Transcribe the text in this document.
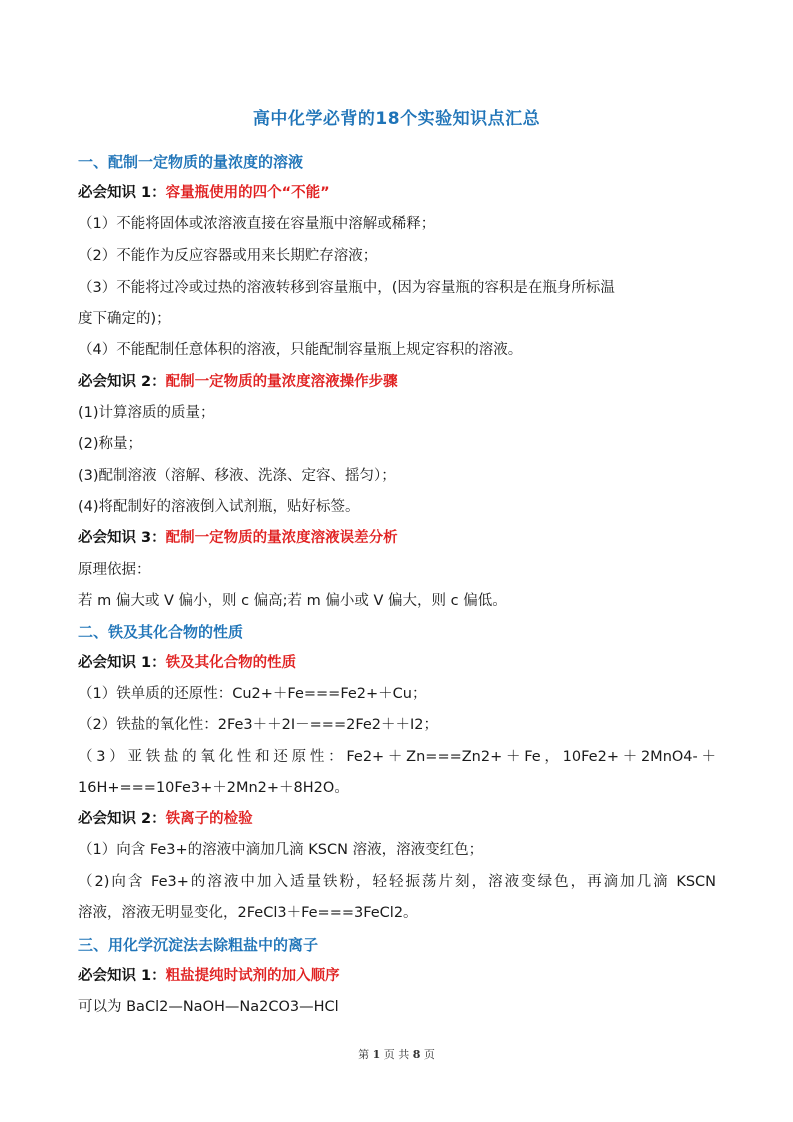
高中化学必背的18个实验知识点汇总
一、配制一定物质的量浓度的溶液
必会知识 1：容量瓶使用的四个“不能”
（1）不能将固体或浓溶液直接在容量瓶中溶解或稀释；
（2）不能作为反应容器或用来长期贮存溶液；
（3）不能将过冷或过热的溶液转移到容量瓶中，(因为容量瓶的容积是在瓶身所标温
度下确定的)；
（4）不能配制任意体积的溶液，只能配制容量瓶上规定容积的溶液。
必会知识 2：配制一定物质的量浓度溶液操作步骤
(1)计算溶质的质量；
(2)称量；
(3)配制溶液（溶解、移液、洗涤、定容、摇匀）；
(4)将配制好的溶液倒入试剂瓶，贴好标签。
必会知识 3：配制一定物质的量浓度溶液误差分析
原理依据：
若 m 偏大或 V 偏小，则 c 偏高;若 m 偏小或 V 偏大，则 c 偏低。
二、铁及其化合物的性质
必会知识 1：铁及其化合物的性质
（1）铁单质的还原性：Cu2+＋Fe===Fe2+＋Cu；
（2）铁盐的氧化性：2Fe3＋＋2I－===2Fe2＋＋I2；
（3）亚铁盐的氧化性和还原性：Fe2+＋Zn===Zn2+＋Fe，10Fe2+＋2MnO4-＋
16H+===10Fe3+＋2Mn2+＋8H2O。
必会知识 2：铁离子的检验
（1）向含 Fe3+的溶液中滴加几滴 KSCN 溶液，溶液变红色；
（2)向含 Fe3+的溶液中加入适量铁粉，轻轻振荡片刻，溶液变绿色，再滴加几滴 KSCN
溶液，溶液无明显变化，2FeCl3＋Fe===3FeCl2。
三、用化学沉淀法去除粗盐中的离子
必会知识 1：粗盐提纯时试剂的加入顺序
可以为 BaCl2—NaOH—Na2CO3—HCl
第 1 页 共 8 页
